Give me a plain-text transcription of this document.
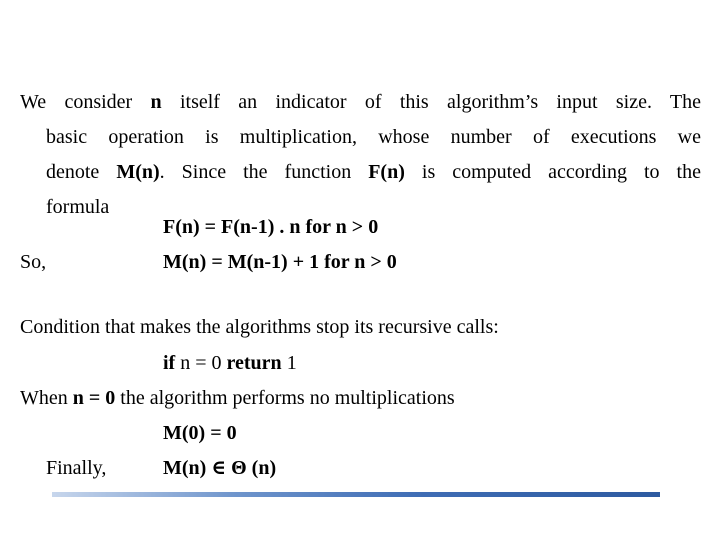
We consider n itself an indicator of this algorithm’s input size. The
basic operation is multiplication, whose number of executions we
denote M(n). Since the function F(n) is computed according to the
formula
F(n) = F(n-1) . n for n > 0
So,	M(n) = M(n-1) + 1 for n > 0
Condition that makes the algorithms stop its recursive calls:
if n = 0 return 1
When n = 0 the algorithm performs no multiplications
M(0) = 0
Finally,	M(n) ∈ Θ (n)
